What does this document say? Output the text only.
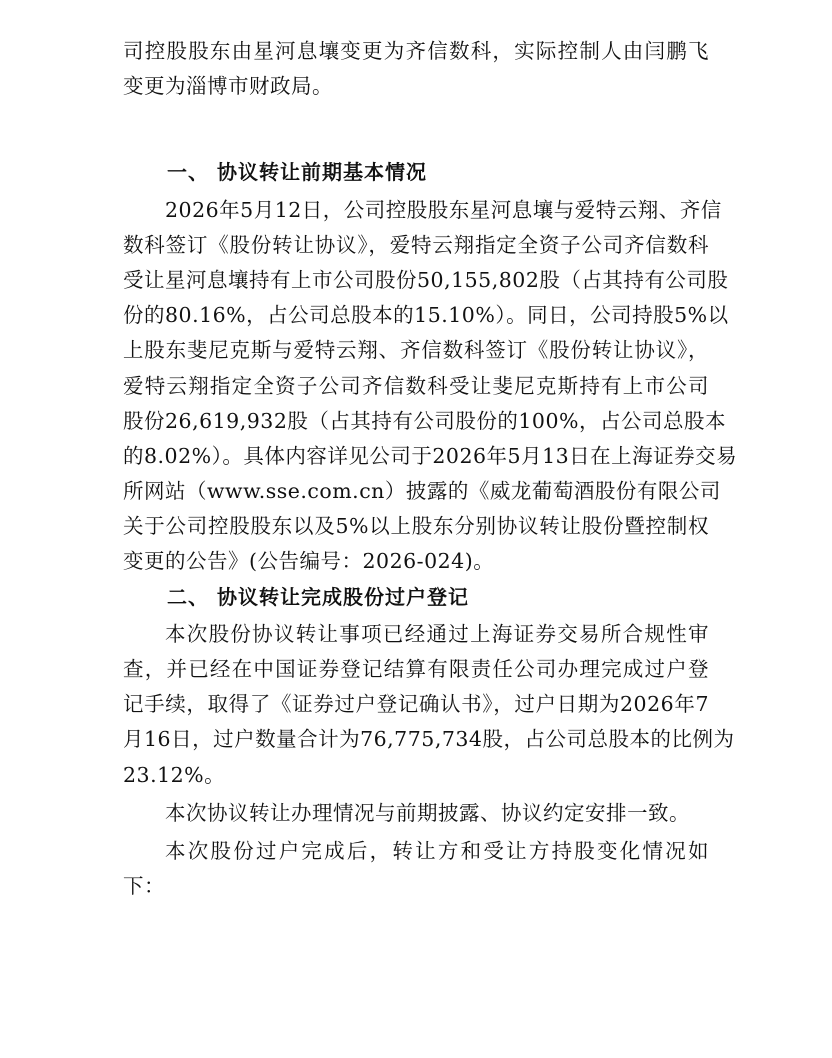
司控股股东由星河息壤变更为齐信数科，实际控制人由闫鹏飞
变更为淄博市财政局。
一、 协议转让前期基本情况
2026年5月12日，公司控股股东星河息壤与爱特云翔、齐信
数科签订《股份转让协议》，爱特云翔指定全资子公司齐信数科
受让星河息壤持有上市公司股份50,155,802股（占其持有公司股
份的80.16%，占公司总股本的15.10%）。同日，公司持股5%以
上股东斐尼克斯与爱特云翔、齐信数科签订《股份转让协议》，
爱特云翔指定全资子公司齐信数科受让斐尼克斯持有上市公司
股份26,619,932股（占其持有公司股份的100%，占公司总股本
的8.02%）。具体内容详见公司于2026年5月13日在上海证券交易
所网站（www.sse.com.cn）披露的《威龙葡萄酒股份有限公司
关于公司控股股东以及5%以上股东分别协议转让股份暨控制权
变更的公告》(公告编号：2026-024)。
二、 协议转让完成股份过户登记
本次股份协议转让事项已经通过上海证券交易所合规性审
查，并已经在中国证券登记结算有限责任公司办理完成过户登
记手续，取得了《证券过户登记确认书》，过户日期为2026年7
月16日，过户数量合计为76,775,734股，占公司总股本的比例为
23.12%。
本次协议转让办理情况与前期披露、协议约定安排一致。
本次股份过户完成后，转让方和受让方持股变化情况如
下：
